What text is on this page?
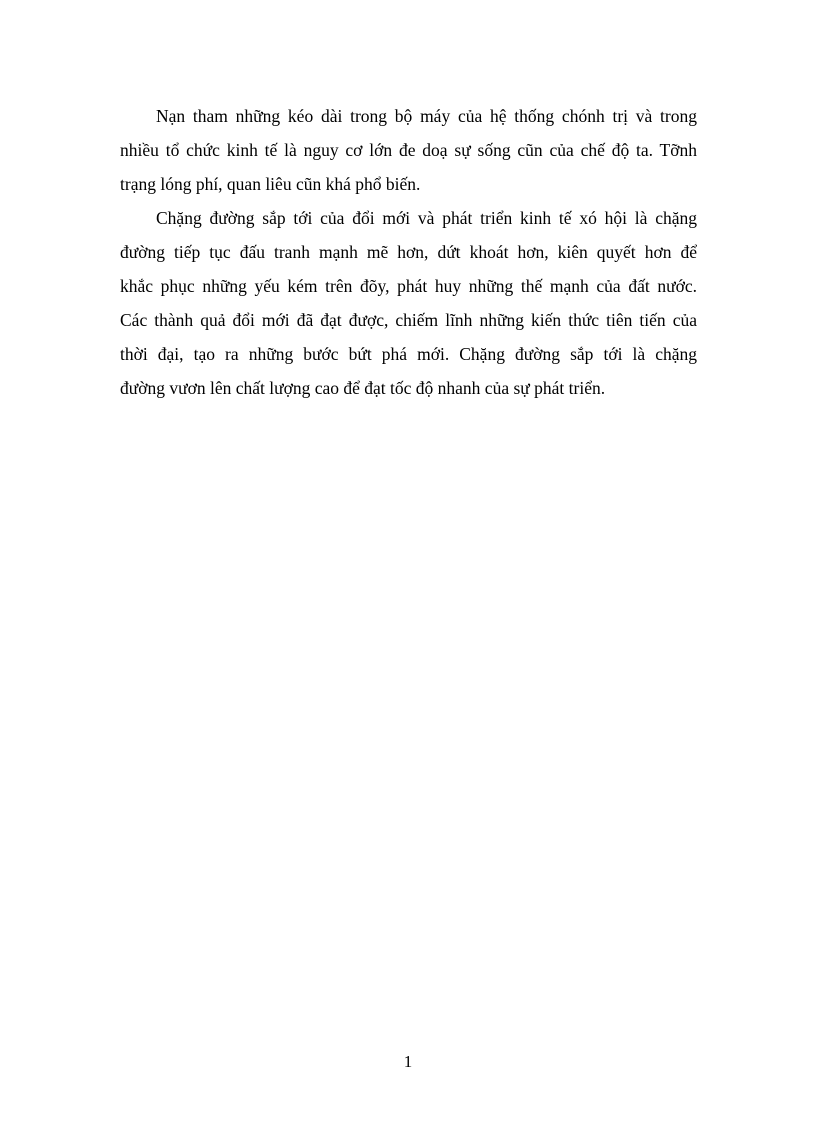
Nạn tham những kéo dài trong bộ máy của hệ thống chónh trị và trong
nhiều tổ chức kinh tế là nguy cơ lớn đe doạ sự sống cũn của chế độ ta. Tỡnh
trạng lóng phí, quan liêu cũn khá phổ biến.
Chặng đường sắp tới của đổi mới và phát triển kinh tế xó hội là chặng
đường tiếp tục đấu tranh mạnh mẽ hơn, dứt khoát hơn, kiên quyết hơn để
khắc phục những yếu kém trên đõy, phát huy những thế mạnh của đất nước.
Các thành quả đổi mới đã đạt được, chiếm lĩnh những kiến thức tiên tiến của
thời đại, tạo ra những bước bứt phá mới. Chặng đường sắp tới là chặng
đường vươn lên chất lượng cao để đạt tốc độ nhanh của sự phát triển.
1
